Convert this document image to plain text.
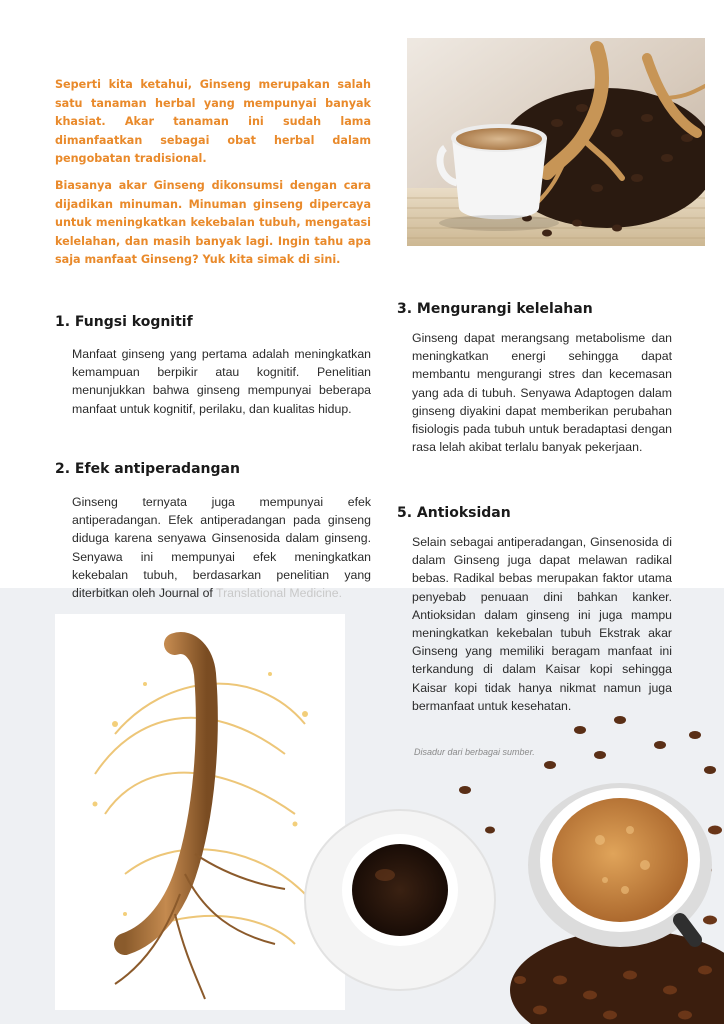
Seperti kita ketahui, Ginseng merupakan salah satu tanaman herbal yang mempunyai banyak khasiat. Akar tanaman ini sudah lama dimanfaatkan sebagai obat herbal dalam pengobatan tradisional.

Biasanya akar Ginseng dikonsumsi dengan cara dijadikan minuman. Minuman ginseng dipercaya untuk meningkatkan kekebalan tubuh, mengatasi kelelahan, dan masih banyak lagi. Ingin tahu apa saja manfaat Ginseng? Yuk kita simak di sini.

1. Fungsi kognitif
Manfaat ginseng yang pertama adalah meningkatkan kemampuan berpikir atau kognitif. Penelitian menunjukkan bahwa ginseng mempunyai beberapa manfaat untuk kognitif, perilaku, dan kualitas hidup.
2. Efek antiperadangan
Ginseng ternyata juga mempunyai efek antiperadangan. Efek antiperadangan pada ginseng diduga karena senyawa Ginsenosida dalam ginseng. Senyawa ini mempunyai efek meningkatkan kekebalan tubuh, berdasarkan penelitian yang diterbitkan oleh Journal of Translational Medicine.
3. Mengurangi kelelahan
Ginseng dapat merangsang metabolisme dan meningkatkan energi sehingga dapat membantu mengurangi stres dan kecemasan yang ada di tubuh. Senyawa Adaptogen dalam ginseng diyakini dapat memberikan perubahan fisiologis pada tubuh untuk beradaptasi dengan rasa lelah akibat terlalu banyak pekerjaan.
5. Antioksidan
Selain sebagai antiperadangan, Ginsenosida di dalam Ginseng juga dapat melawan radikal bebas. Radikal bebas merupakan faktor utama penyebab penuaan dini bahkan kanker. Antioksidan dalam ginseng ini juga mampu meningkatkan kekebalan tubuh Ekstrak akar Ginseng yang memiliki beragam manfaat ini terkandung di dalam Kaisar kopi sehingga Kaisar kopi tidak hanya nikmat namun juga bermanfaat untuk kesehatan.
Disadur dari berbagai sumber.
